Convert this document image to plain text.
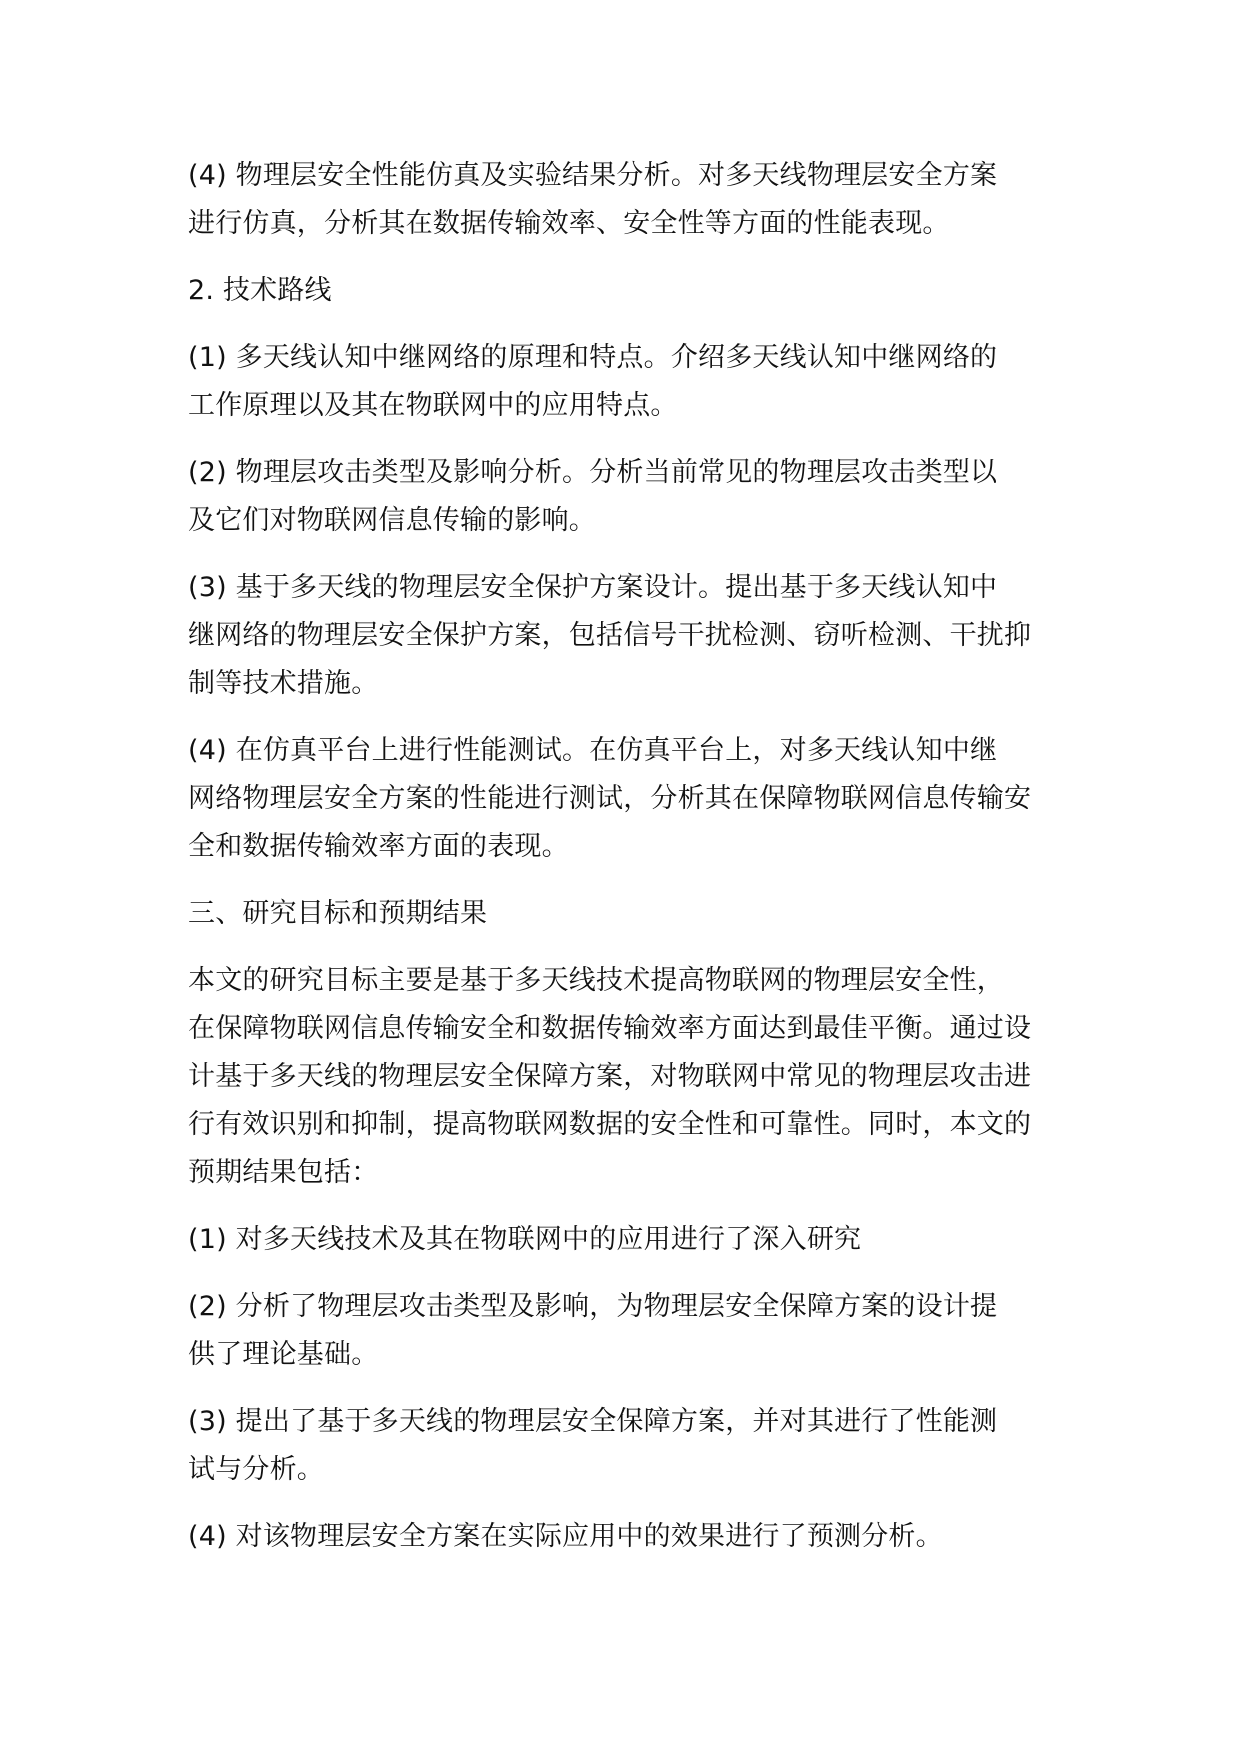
(4) 物理层安全性能仿真及实验结果分析。对多天线物理层安全方案
进行仿真，分析其在数据传输效率、安全性等方面的性能表现。

2. 技术路线

(1) 多天线认知中继网络的原理和特点。介绍多天线认知中继网络的
工作原理以及其在物联网中的应用特点。

(2) 物理层攻击类型及影响分析。分析当前常见的物理层攻击类型以
及它们对物联网信息传输的影响。

(3) 基于多天线的物理层安全保护方案设计。提出基于多天线认知中
继网络的物理层安全保护方案，包括信号干扰检测、窃听检测、干扰抑
制等技术措施。

(4) 在仿真平台上进行性能测试。在仿真平台上，对多天线认知中继
网络物理层安全方案的性能进行测试，分析其在保障物联网信息传输安
全和数据传输效率方面的表现。

三、研究目标和预期结果

本文的研究目标主要是基于多天线技术提高物联网的物理层安全性，
在保障物联网信息传输安全和数据传输效率方面达到最佳平衡。通过设
计基于多天线的物理层安全保障方案，对物联网中常见的物理层攻击进
行有效识别和抑制，提高物联网数据的安全性和可靠性。同时，本文的
预期结果包括：

(1) 对多天线技术及其在物联网中的应用进行了深入研究

(2) 分析了物理层攻击类型及影响，为物理层安全保障方案的设计提
供了理论基础。

(3) 提出了基于多天线的物理层安全保障方案，并对其进行了性能测
试与分析。

(4) 对该物理层安全方案在实际应用中的效果进行了预测分析。
